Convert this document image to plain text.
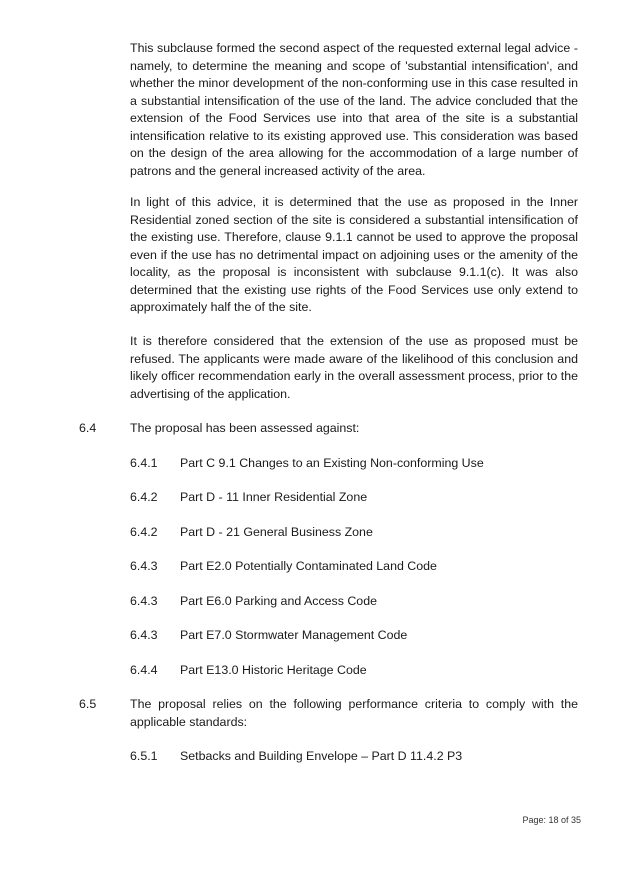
This subclause formed the second aspect of the requested external legal advice - namely, to determine the meaning and scope of 'substantial intensification', and whether the minor development of the non-conforming use in this case resulted in a substantial intensification of the use of the land. The advice concluded that the extension of the Food Services use into that area of the site is a substantial intensification relative to its existing approved use. This consideration was based on the design of the area allowing for the accommodation of a large number of patrons and the general increased activity of the area.

In light of this advice, it is determined that the use as proposed in the Inner Residential zoned section of the site is considered a substantial intensification of the existing use. Therefore, clause 9.1.1 cannot be used to approve the proposal even if the use has no detrimental impact on adjoining uses or the amenity of the locality, as the proposal is inconsistent with subclause 9.1.1(c). It was also determined that the existing use rights of the Food Services use only extend to approximately half the of the site.

It is therefore considered that the extension of the use as proposed must be refused. The applicants were made aware of the likelihood of this conclusion and likely officer recommendation early in the overall assessment process, prior to the advertising of the application.

6.4	The proposal has been assessed against:

6.4.1 Part C 9.1 Changes to an Existing Non-conforming Use
6.4.2 Part D - 11 Inner Residential Zone
6.4.2 Part D - 21 General Business Zone
6.4.3 Part E2.0 Potentially Contaminated Land Code
6.4.3 Part E6.0 Parking and Access Code
6.4.3 Part E7.0 Stormwater Management Code
6.4.4 Part E13.0 Historic Heritage Code
6.5	The proposal relies on the following performance criteria to comply with the applicable standards:

6.5.1 Setbacks and Building Envelope – Part D 11.4.2 P3
Page: 18 of 35
